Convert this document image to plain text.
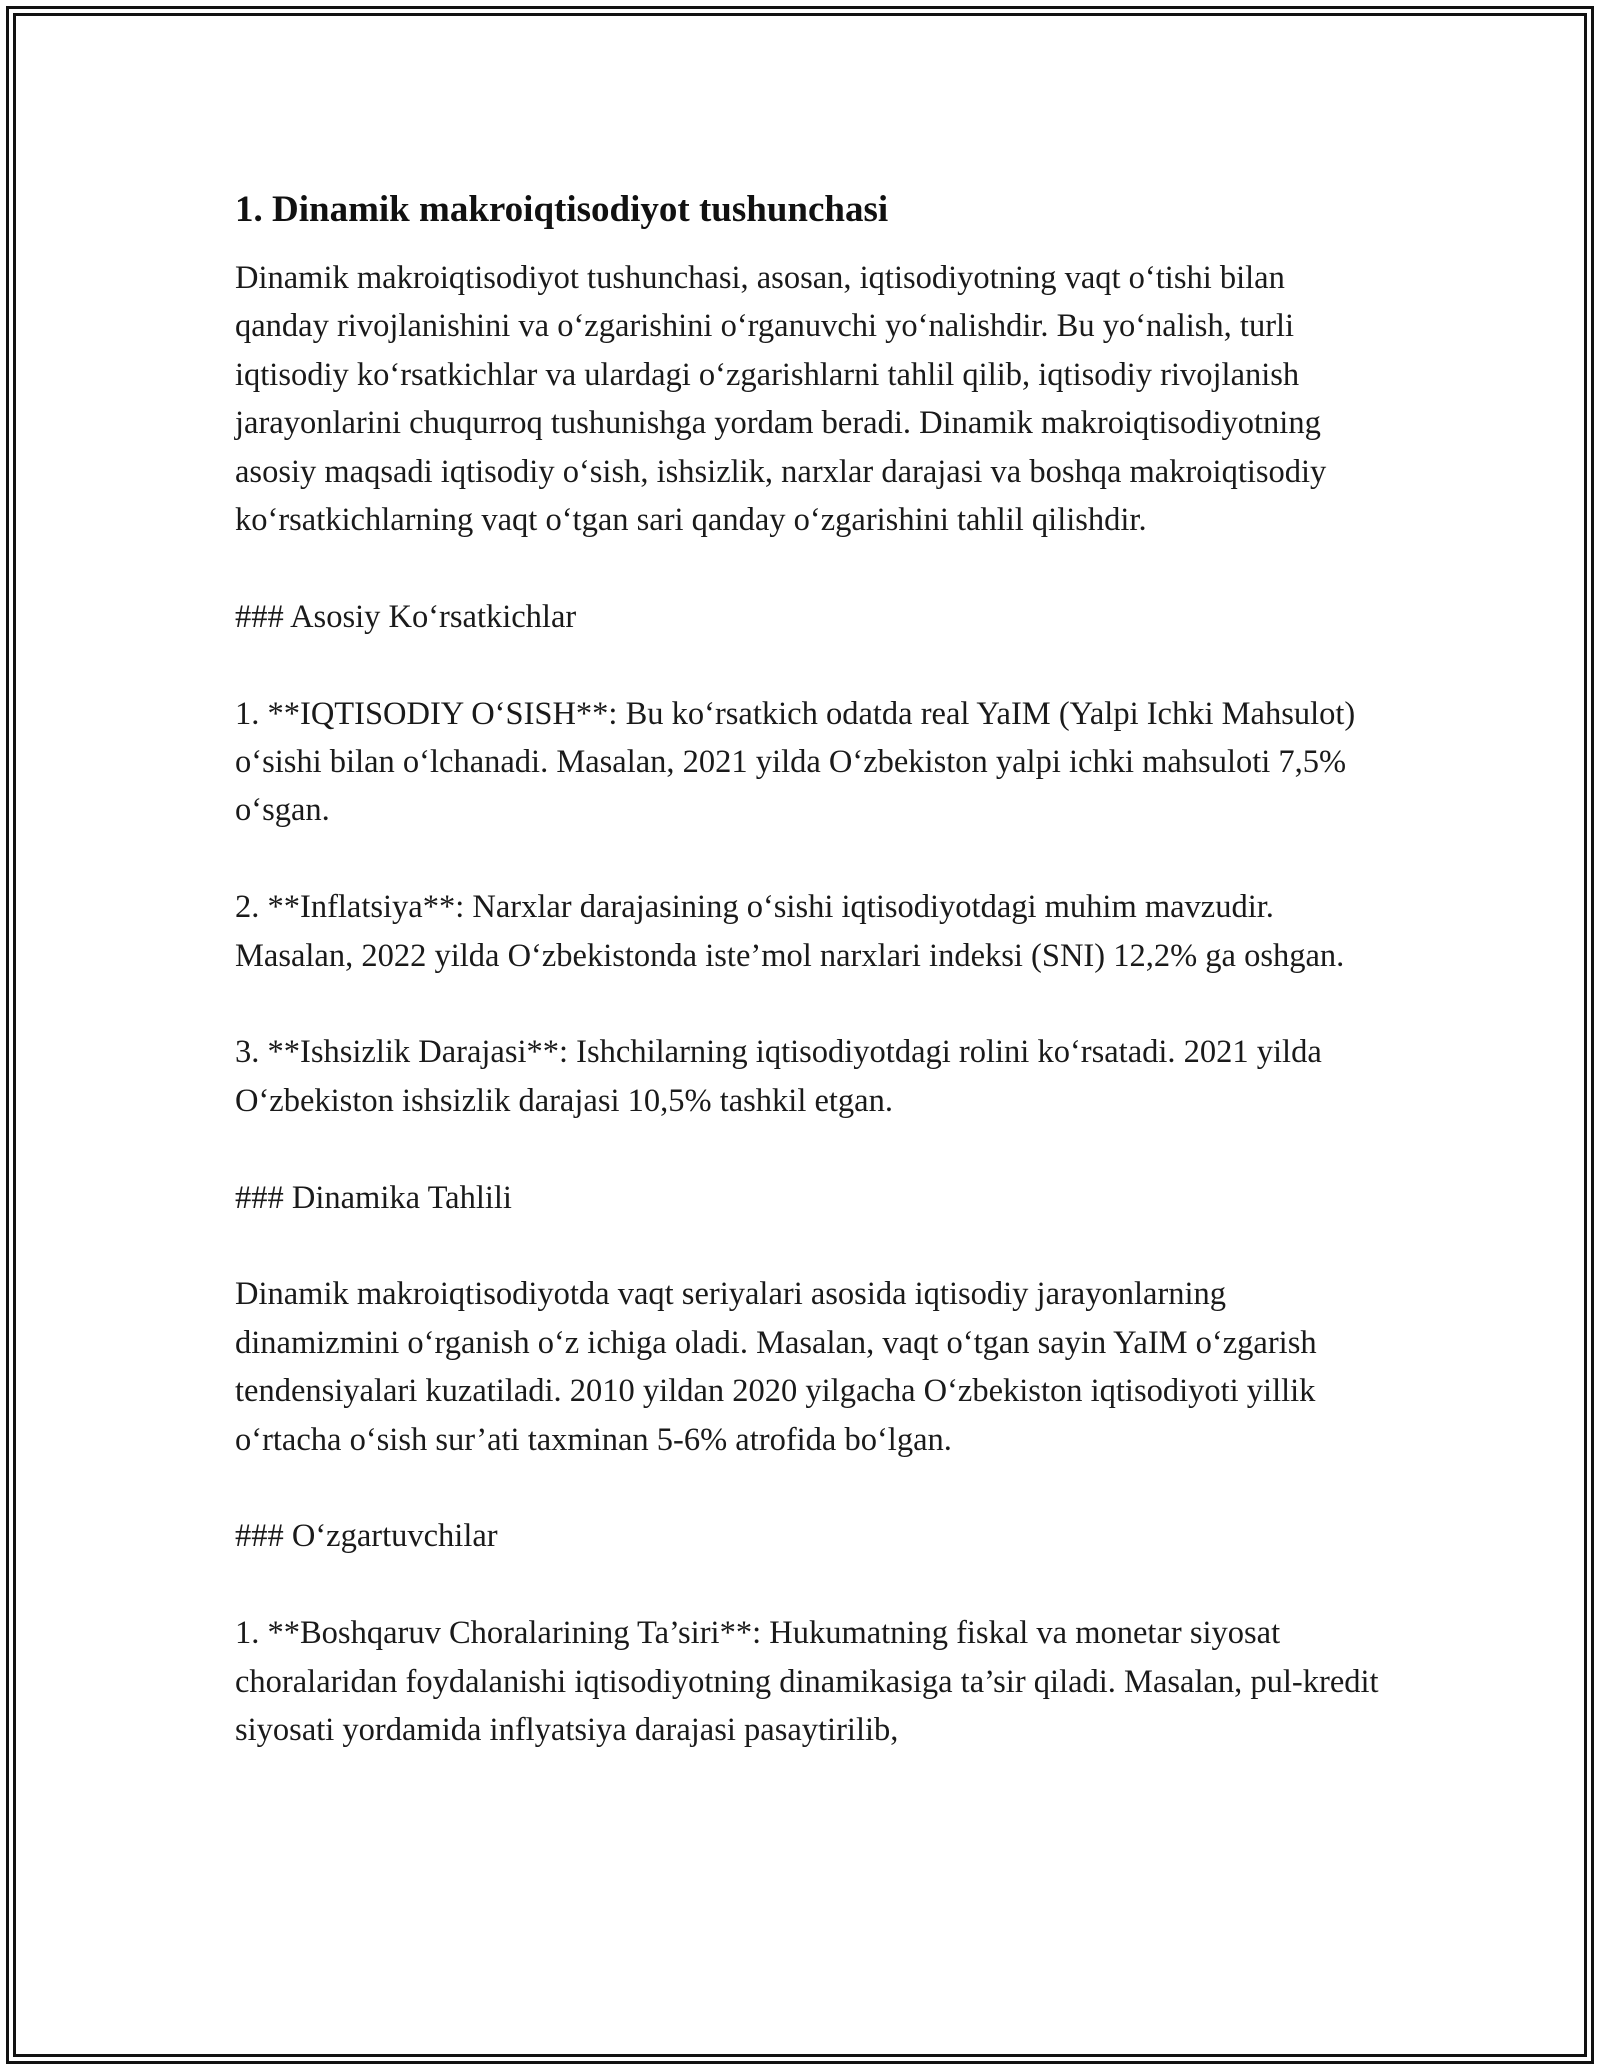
1. Dinamik makroiqtisodiyot tushunchasi

Dinamik makroiqtisodiyot tushunchasi, asosan, iqtisodiyotning vaqt o‘tishi bilan qanday rivojlanishini va o‘zgarishini o‘rganuvchi yo‘nalishdir. Bu yo‘nalish, turli iqtisodiy ko‘rsatkichlar va ulardagi o‘zgarishlarni tahlil qilib, iqtisodiy rivojlanish jarayonlarini chuqurroq tushunishga yordam beradi. Dinamik makroiqtisodiyotning asosiy maqsadi iqtisodiy o‘sish, ishsizlik, narxlar darajasi va boshqa makroiqtisodiy ko‘rsatkichlarning vaqt o‘tgan sari qanday o‘zgarishini tahlil qilishdir.

### Asosiy Ko‘rsatkichlar

1. **IQTISODIY O‘SISH**: Bu ko‘rsatkich odatda real YaIM (Yalpi Ichki Mahsulot) o‘sishi bilan o‘lchanadi. Masalan, 2021 yilda O‘zbekiston yalpi ichki mahsuloti 7,5% o‘sgan.

2. **Inflatsiya**: Narxlar darajasining o‘sishi iqtisodiyotdagi muhim mavzudir. Masalan, 2022 yilda O‘zbekistonda iste’mol narxlari indeksi (SNI) 12,2% ga oshgan.

3. **Ishsizlik Darajasi**: Ishchilarning iqtisodiyotdagi rolini ko‘rsatadi. 2021 yilda O‘zbekiston ishsizlik darajasi 10,5% tashkil etgan.

### Dinamika Tahlili

Dinamik makroiqtisodiyotda vaqt seriyalari asosida iqtisodiy jarayonlarning dinamizmini o‘rganish o‘z ichiga oladi. Masalan, vaqt o‘tgan sayin YaIM o‘zgarish tendensiyalari kuzatiladi. 2010 yildan 2020 yilgacha O‘zbekiston iqtisodiyoti yillik o‘rtacha o‘sish sur’ati taxminan 5-6% atrofida bo‘lgan.

### O‘zgartuvchilar

1. **Boshqaruv Choralarining Ta’siri**: Hukumatning fiskal va monetar siyosat choralaridan foydalanishi iqtisodiyotning dinamikasiga ta’sir qiladi. Masalan, pul-kredit siyosati yordamida inflyatsiya darajasi pasaytirilib,
